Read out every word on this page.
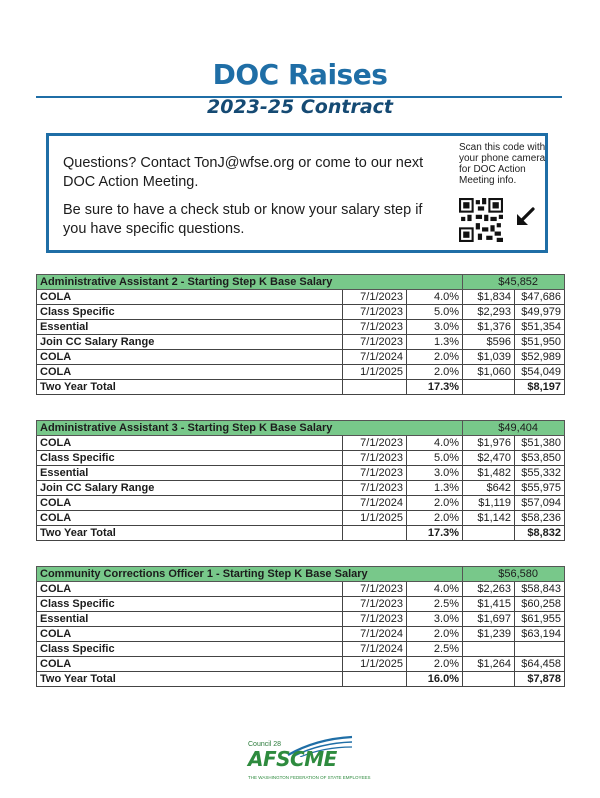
DOC Raises
2023-25 Contract

Questions? Contact TonJ@wfse.org or come to our next DOC Action Meeting.

Be sure to have a check stub or know your salary step if you have specific questions.

Scan this code with your phone camera for DOC Action Meeting info.
Administrative Assistant 2 - Starting Step K Base Salary			$45,852	
COLA	7/1/2023	4.0%	$1,834	$47,686
Class Specific	7/1/2023	5.0%	$2,293	$49,979
Essential	7/1/2023	3.0%	$1,376	$51,354
Join CC Salary Range	7/1/2023	1.3%	$596	$51,950
COLA	7/1/2024	2.0%	$1,039	$52,989
COLA	1/1/2025	2.0%	$1,060	$54,049
Two Year Total		17.3%		$8,197
Administrative Assistant 3 - Starting Step K Base Salary			$49,404	
COLA	7/1/2023	4.0%	$1,976	$51,380
Class Specific	7/1/2023	5.0%	$2,470	$53,850
Essential	7/1/2023	3.0%	$1,482	$55,332
Join CC Salary Range	7/1/2023	1.3%	$642	$55,975
COLA	7/1/2024	2.0%	$1,119	$57,094
COLA	1/1/2025	2.0%	$1,142	$58,236
Two Year Total		17.3%		$8,832
Community Corrections Officer 1 - Starting Step K Base Salary			$56,580	
COLA	7/1/2023	4.0%	$2,263	$58,843
Class Specific	7/1/2023	2.5%	$1,415	$60,258
Essential	7/1/2023	3.0%	$1,697	$61,955
COLA	7/1/2024	2.0%	$1,239	$63,194
Class Specific	7/1/2024	2.5%		
COLA	1/1/2025	2.0%	$1,264	$64,458
Two Year Total		16.0%		$7,878
Council 28
AFSCME
THE WASHINGTON FEDERATION OF STATE EMPLOYEES
